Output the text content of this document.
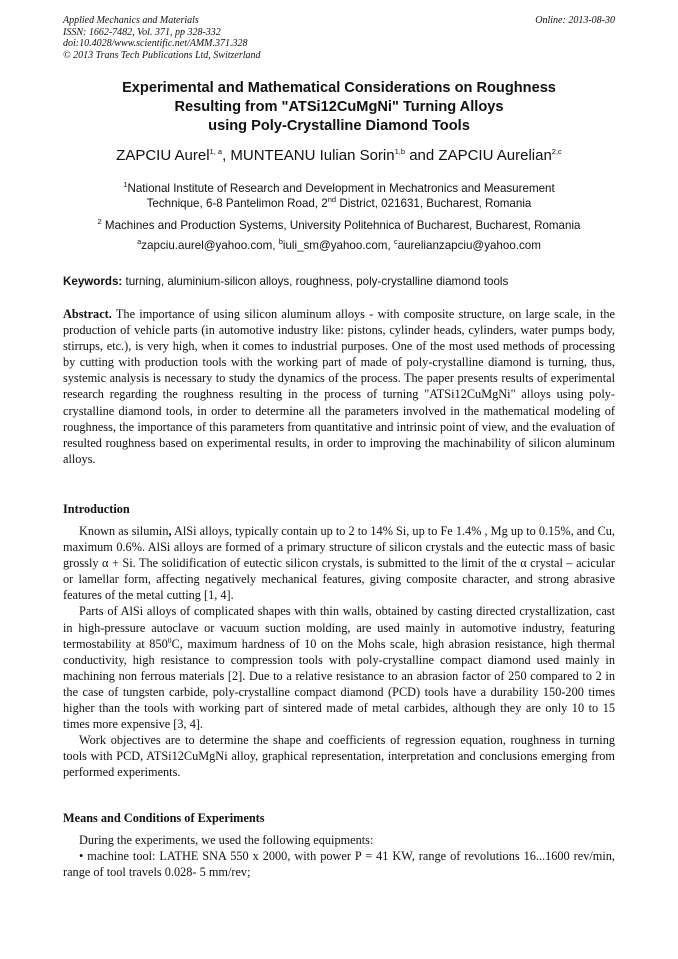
Applied Mechanics and Materials
ISSN: 1662-7482, Vol. 371, pp 328-332
doi:10.4028/www.scientific.net/AMM.371.328
© 2013 Trans Tech Publications Ltd, Switzerland
Online: 2013-08-30
Experimental and Mathematical Considerations on Roughness
Resulting from "ATSi12CuMgNi" Turning Alloys
using Poly-Crystalline Diamond Tools
ZAPCIU Aurel$^{1, a}$, MUNTEANU Iulian Sorin$^{1,b}$ and ZAPCIU Aurelian$^{2,c}$
$^1$National Institute of Research and Development in Mechatronics and Measurement
Technique, 6-8 Pantelimon Road, 2nd District, 021631, Bucharest, Romania
$^2$ Machines and Production Systems, University Politehnica of Bucharest, Bucharest, Romania
$^a$zapciu.aurel@yahoo.com, $^b$iuli_sm@yahoo.com, $^c$aurelianzapciu@yahoo.com
Keywords: turning, aluminium-silicon alloys, roughness, poly-crystalline diamond tools

Abstract. The importance of using silicon aluminum alloys - with composite structure, on large scale, in the production of vehicle parts (in automotive industry like: pistons, cylinder heads, cylinders, water pumps body, stirrups, etc.), is very high, when it comes to industrial purposes. One of the most used methods of processing by cutting with production tools with the working part of made of poly-crystalline diamond is turning, thus, systemic analysis is necessary to study the dynamics of the process. The paper presents results of experimental research regarding the roughness resulting in the process of turning "ATSi12CuMgNi" alloys using poly-crystalline diamond tools, in order to determine all the parameters involved in the mathematical modeling of roughness, the importance of this parameters from quantitative and intrinsic point of view, and the evaluation of resulted roughness based on experimental results, in order to improving the machinability of silicon aluminum alloys.

Introduction

Known as silumin, AlSi alloys, typically contain up to 2 to 14% Si, up to Fe 1.4% , Mg up to 0.15%, and Cu, maximum 0.6%. AlSi alloys are formed of a primary structure of silicon crystals and the eutectic mass of basic grossly α + Si. The solidification of eutectic silicon crystals, is submitted to the limit of the α crystal – acicular or lamellar form, affecting negatively mechanical features, giving composite character, and strong abrasive features of the metal cutting [1, 4].

Parts of AlSi alloys of complicated shapes with thin walls, obtained by casting directed crystallization, cast in high-pressure autoclave or vacuum suction molding, are used mainly in automotive industry, featuring termostability at $850^0C$, maximum hardness of 10 on the Mohs scale, high abrasion resistance, high thermal conductivity, high resistance to compression tools with poly-crystalline compact diamond used mainly in machining non ferrous materials [2]. Due to a relative resistance to an abrasion factor of 250 compared to 2 in the case of tungsten carbide, poly-crystalline compact diamond (PCD) tools have a durability 150-200 times higher than the tools with working part of sintered made of metal carbides, although they are only 10 to 15 times more expensive [3, 4].

Work objectives are to determine the shape and coefficients of regression equation, roughness in turning tools with PCD, ATSi12CuMgNi alloy, graphical representation, interpretation and conclusions emerging from performed experiments.

Means and Conditions of Experiments

During the experiments, we used the following equipments:

• machine tool: LATHE SNA 550 x 2000, with power P = 41 KW, range of revolutions 16...1600 rev/min, range of tool travels 0.028- 5 mm/rev;
